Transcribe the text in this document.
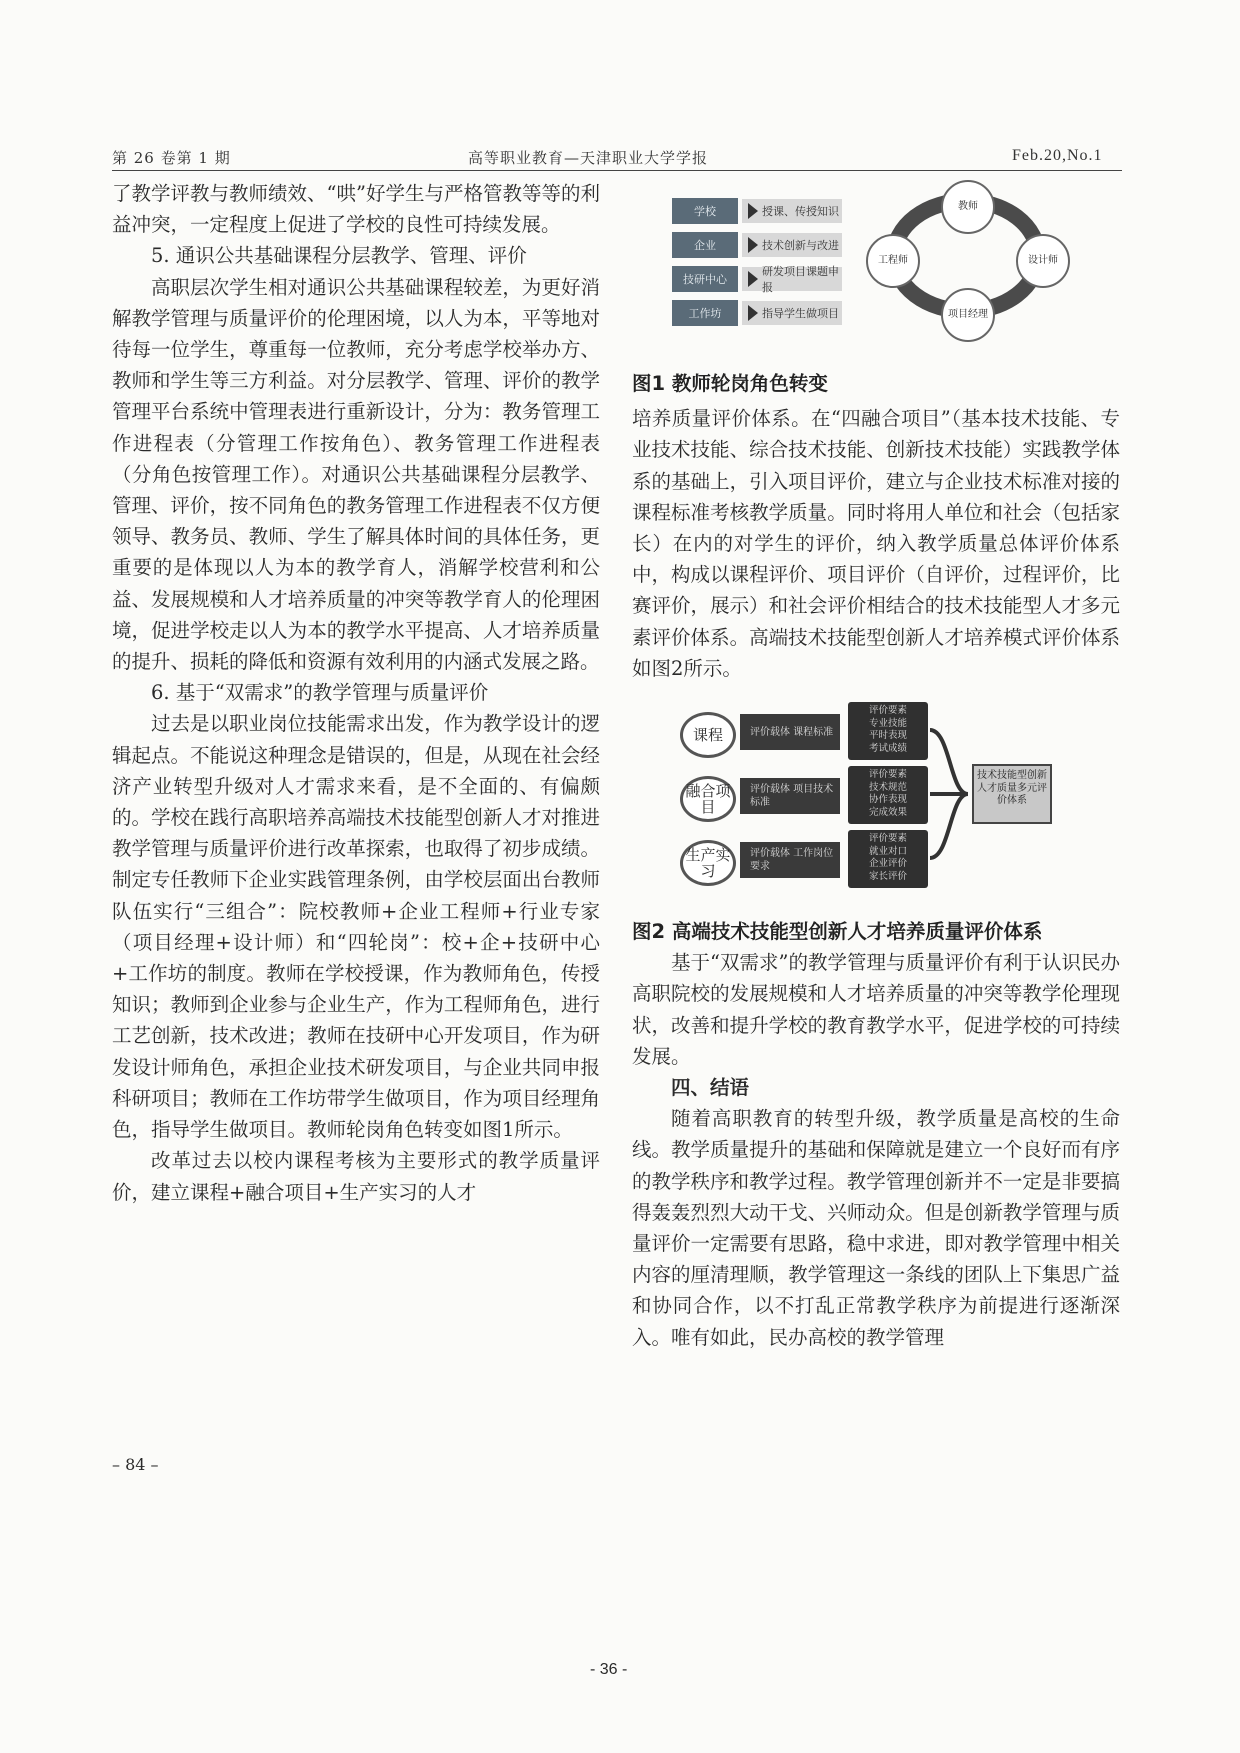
第 26 卷第 1 期	高等职业教育—天津职业大学学报	Feb.20,No.1

了教学评教与教师绩效、“哄”好学生与严格管教等等的利益冲突，一定程度上促进了学校的良性可持续发展。

5. 通识公共基础课程分层教学、管理、评价

高职层次学生相对通识公共基础课程较差，为更好消解教学管理与质量评价的伦理困境，以人为本，平等地对待每一位学生，尊重每一位教师，充分考虑学校举办方、教师和学生等三方利益。对分层教学、管理、评价的教学管理平台系统中管理表进行重新设计，分为：教务管理工作进程表（分管理工作按角色）、教务管理工作进程表（分角色按管理工作）。对通识公共基础课程分层教学、管理、评价，按不同角色的教务管理工作进程表不仅方便领导、教务员、教师、学生了解具体时间的具体任务，更重要的是体现以人为本的教学育人，消解学校营利和公益、发展规模和人才培养质量的冲突等教学育人的伦理困境，促进学校走以人为本的教学水平提高、人才培养质量的提升、损耗的降低和资源有效利用的内涵式发展之路。

6. 基于“双需求”的教学管理与质量评价

过去是以职业岗位技能需求出发，作为教学设计的逻辑起点。不能说这种理念是错误的，但是，从现在社会经济产业转型升级对人才需求来看，是不全面的、有偏颇的。学校在践行高职培养高端技术技能型创新人才对推进教学管理与质量评价进行改革探索，也取得了初步成绩。制定专任教师下企业实践管理条例，由学校层面出台教师队伍实行“三组合”：院校教师+企业工程师+行业专家（项目经理+设计师）和“四轮岗”：校+企+技研中心+工作坊的制度。教师在学校授课，作为教师角色，传授知识；教师到企业参与企业生产，作为工程师角色，进行工艺创新，技术改进；教师在技研中心开发项目，作为研发设计师角色，承担企业技术研发项目，与企业共同申报科研项目；教师在工作坊带学生做项目，作为项目经理角色，指导学生做项目。教师轮岗角色转变如图1所示。

改革过去以校内课程考核为主要形式的教学质量评价，建立课程+融合项目+生产实习的人才

学校	授课、传授知识
企业	技术创新与改进
技研中心
研发项目课题申报
工作坊	指导学生做项目
教师
设计师
项目经理
工程师

图1 教师轮岗角色转变

培养质量评价体系。在“四融合项目”（基本技术技能、专业技术技能、综合技术技能、创新技术技能）实践教学体系的基础上，引入项目评价，建立与企业技术标准对接的课程标准考核教学质量。同时将用人单位和社会（包括家长）在内的对学生的评价，纳入教学质量总体评价体系中，构成以课程评价、项目评价（自评价，过程评价，比赛评价，展示）和社会评价相结合的技术技能型人才多元素评价体系。高端技术技能型创新人才培养模式评价体系如图2所示。

课程	评价载体 课程标准
评价要素
专业技能
平时表现
考试成绩
融合项目
评价载体 项目技术标准
评价要素
技术规范
协作表现
完成效果
生产实习
评价载体 工作岗位要求
评价要素
就业对口
企业评价
家长评价
技术技能型创新人才质量多元评价体系

图2 高端技术技能型创新人才培养质量评价体系

基于“双需求”的教学管理与质量评价有利于认识民办高职院校的发展规模和人才培养质量的冲突等教学伦理现状，改善和提升学校的教育教学水平，促进学校的可持续发展。

四、结语

随着高职教育的转型升级，教学质量是高校的生命线。教学质量提升的基础和保障就是建立一个良好而有序的教学秩序和教学过程。教学管理创新并不一定是非要搞得轰轰烈烈大动干戈、兴师动众。但是创新教学管理与质量评价一定需要有思路，稳中求进，即对教学管理中相关内容的厘清理顺，教学管理这一条线的团队上下集思广益和协同合作，以不打乱正常教学秩序为前提进行逐渐深入。唯有如此，民办高校的教学管理

– 84 –
- 36 -
